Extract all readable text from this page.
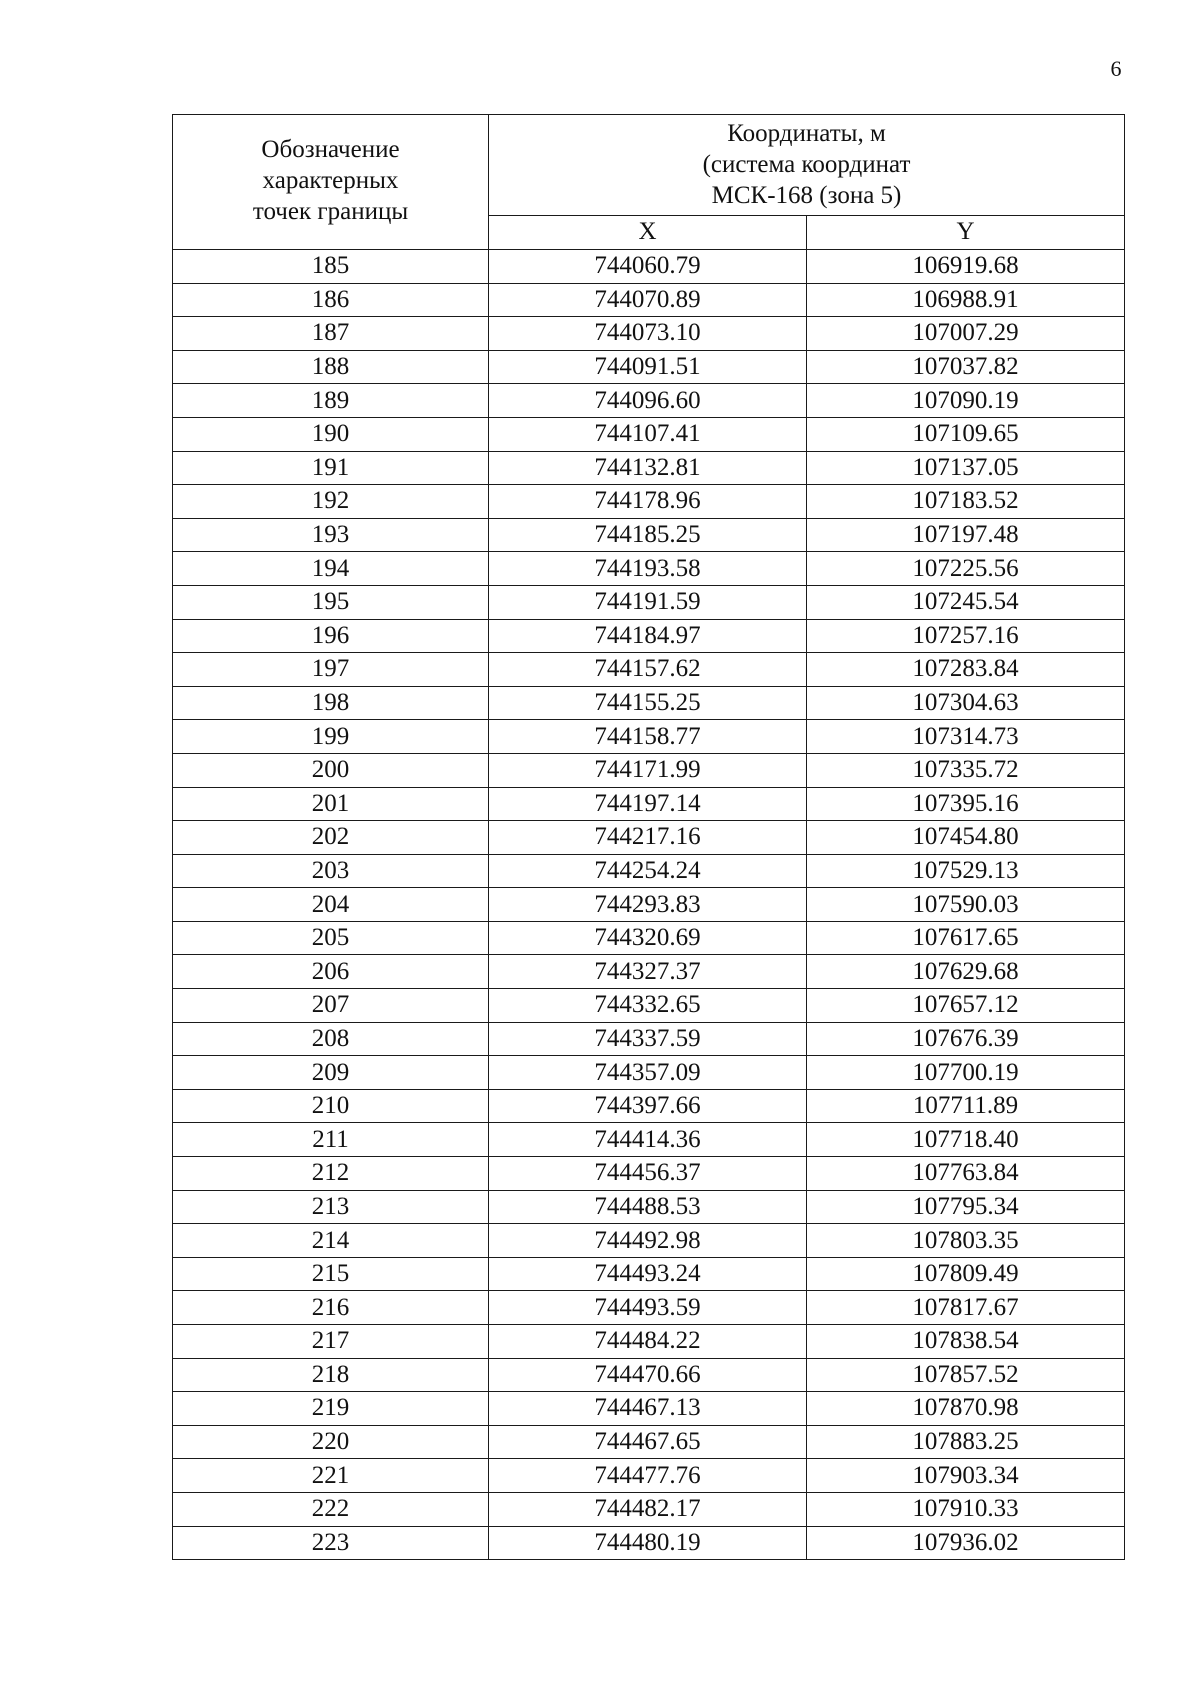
6
Обозначение
характерных
точек границы	Координаты, м
(система координат
МСК-168 (зона 5)	

	X	Y
185	744060.79	106919.68
186	744070.89	106988.91
187	744073.10	107007.29
188	744091.51	107037.82
189	744096.60	107090.19
190	744107.41	107109.65
191	744132.81	107137.05
192	744178.96	107183.52
193	744185.25	107197.48
194	744193.58	107225.56
195	744191.59	107245.54
196	744184.97	107257.16
197	744157.62	107283.84
198	744155.25	107304.63
199	744158.77	107314.73
200	744171.99	107335.72
201	744197.14	107395.16
202	744217.16	107454.80
203	744254.24	107529.13
204	744293.83	107590.03
205	744320.69	107617.65
206	744327.37	107629.68
207	744332.65	107657.12
208	744337.59	107676.39
209	744357.09	107700.19
210	744397.66	107711.89
211	744414.36	107718.40
212	744456.37	107763.84
213	744488.53	107795.34
214	744492.98	107803.35
215	744493.24	107809.49
216	744493.59	107817.67
217	744484.22	107838.54
218	744470.66	107857.52
219	744467.13	107870.98
220	744467.65	107883.25
221	744477.76	107903.34
222	744482.17	107910.33
223	744480.19	107936.02
